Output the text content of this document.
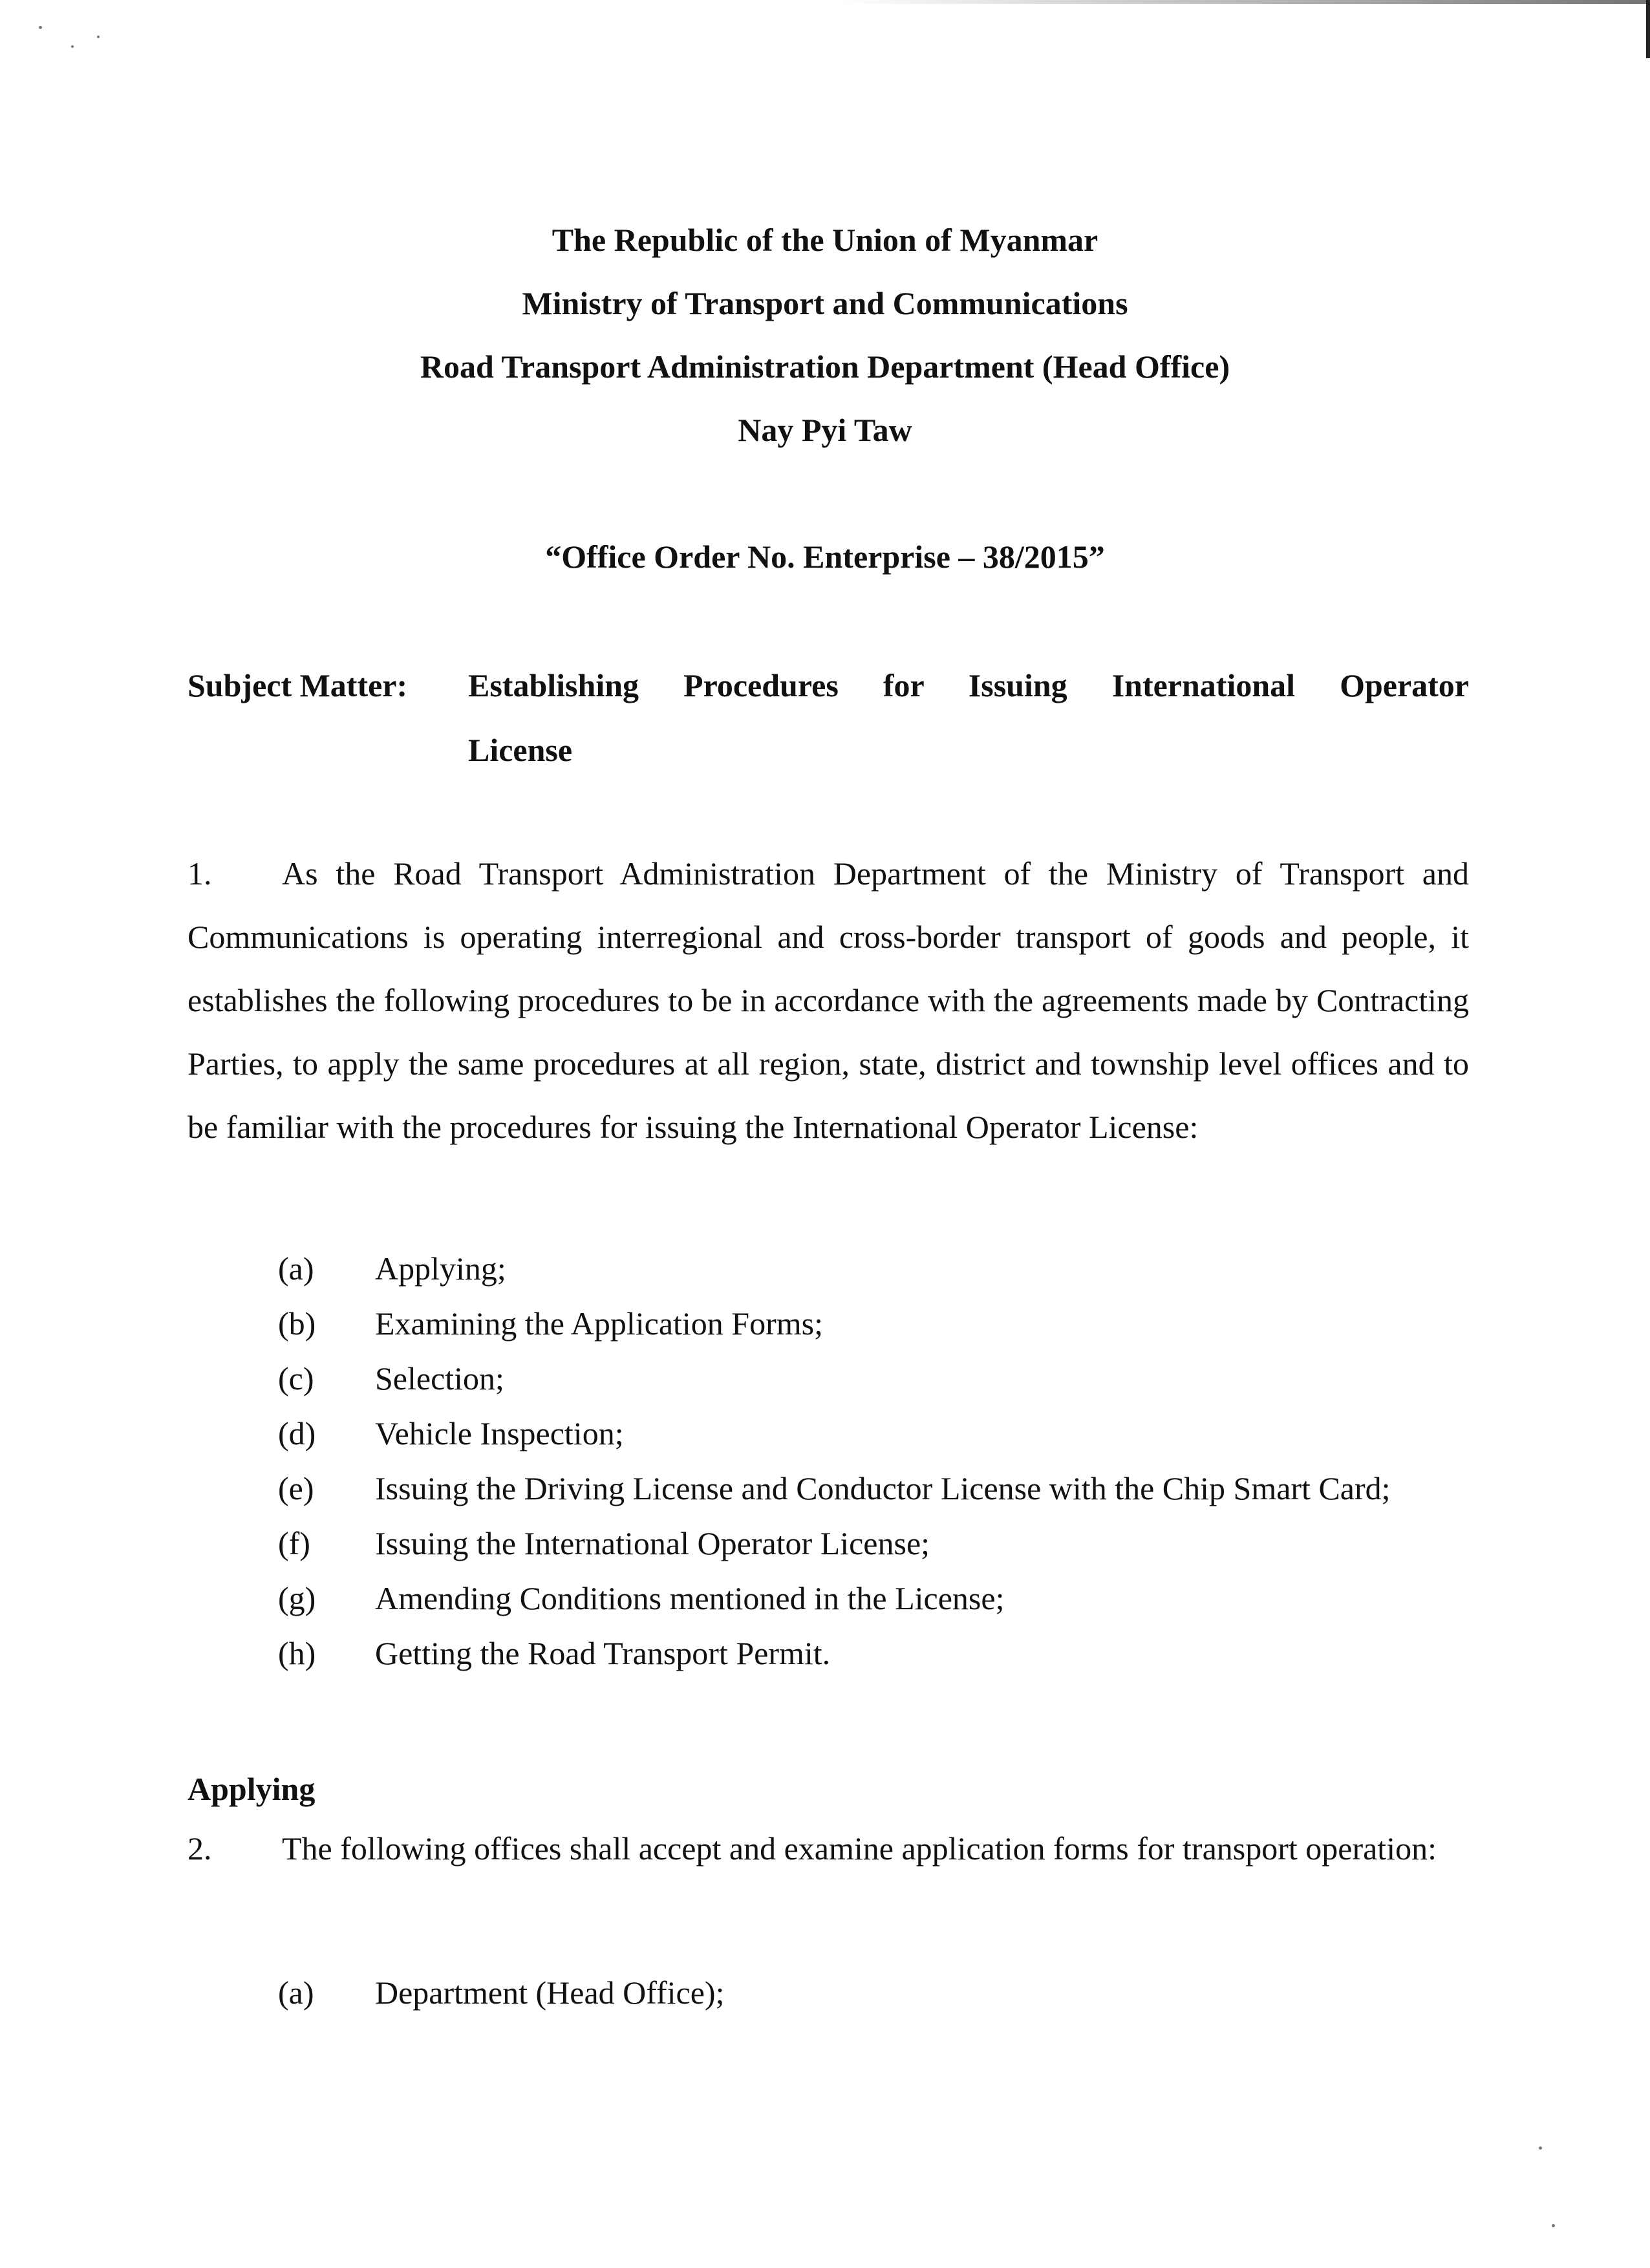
The Republic of the Union of Myanmar
Ministry of Transport and Communications
Road Transport Administration Department (Head Office)
Nay Pyi Taw
“Office Order No. Enterprise – 38/2015”
Subject Matter: Establishing Procedures for Issuing International Operator
License
1. As the Road Transport Administration Department of the Ministry of Transport and Communications is operating interregional and cross-border transport of goods and people, it establishes the following procedures to be in accordance with the agreements made by Contracting Parties, to apply the same procedures at all region, state, district and township level offices and to be familiar with the procedures for issuing the International Operator License:
(a) Applying;
(b) Examining the Application Forms;
(c) Selection;
(d) Vehicle Inspection;
(e) Issuing the Driving License and Conductor License with the Chip Smart Card;
(f) Issuing the International Operator License;
(g) Amending Conditions mentioned in the License;
(h) Getting the Road Transport Permit.
Applying
2. The following offices shall accept and examine application forms for transport operation:
(a) Department (Head Office);
